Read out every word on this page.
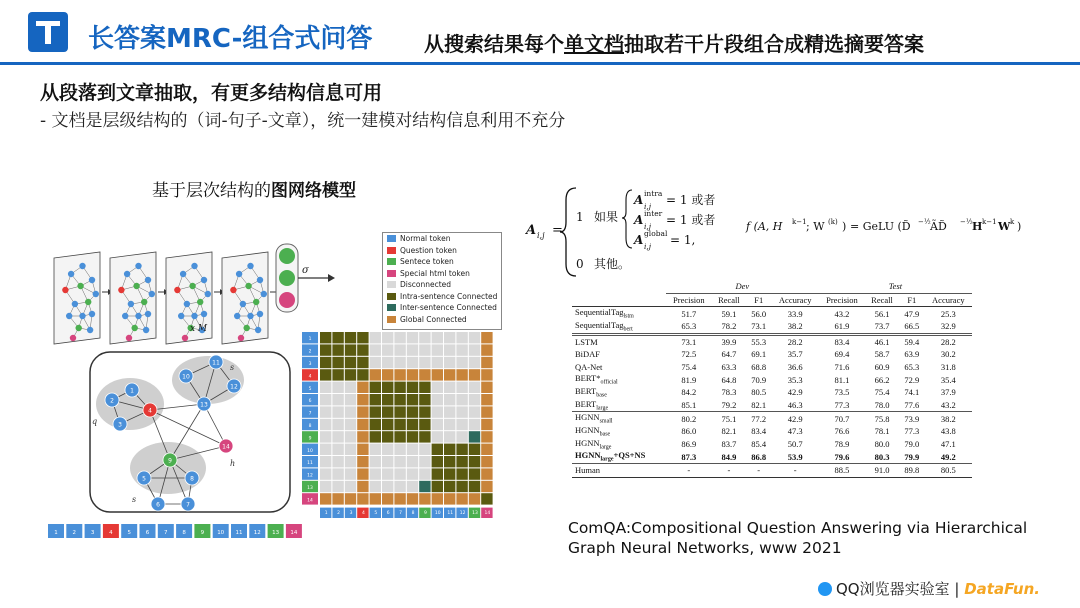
长答案MRC-组合式问答	从搜索结果每个单文档抽取若干片段组合成精选摘要答案
从段落到文章抽取，有更多结构信息可用
- 文档是层级结构的（词-句子-文章），统一建模对结构信息利用不充分
基于层次结构的图网络模型
σ
x M
1
2
3
4
10
11
12
13
9
5
6	7
8
14
q
s
s
h
1	2	3	4	5	6	7	8	9 10 11 12 13 14
1
2
3
4
5
6
7
8
9
10
11
12
13
14
1 2 3 4 5 6 7 8 9 10 11 12 13 14
Normal token
Question token
Sentece token
Special html token
Disconnected
Intra-sentence Connected
Inter-sentence Connected
Global Connected
A i,j =
1 如果
A intra
i,j = 1 或者
A inter
i,j = 1 或者
A global
i,j = 1,
0 其他。
f (A, H k−1 ; W (k) ) = GeLU (D̃ −½ ÃD̃ −½ H k−1 W k )
	Dev				Test			
	Precision	Recall	F1	Accuracy	Precision	Recall	F1	Accuracy
SequentialTag$_{lstm}$	51.7	59.1	56.0	33.9	43.2	56.1	47.9	25.3
SequentialTag$_{bert}$	65.3	78.2	73.1	38.2	61.9	73.7	66.5	32.9
LSTM	73.1	39.9	55.3	28.2	83.4	46.1	59.4	28.2
BiDAF	72.5	64.7	69.1	35.7	69.4	58.7	63.9	30.2
QA-Net	75.4	63.3	68.8	36.6	71.6	60.9	65.3	31.8
$BERT*_{official}$	81.9	64.8	70.9	35.3	81.1	66.2	72.9	35.4
$BERT_{base}$	84.2	78.3	80.5	42.9	73.5	75.4	74.1	37.9
$BERT_{large}$	85.1	79.2	82.1	46.3	77.3	78.0	77.6	43.2
$HGNN_{small}$	80.2	75.1	77.2	42.9	70.7	75.8	73.9	38.2
$HGNN_{base}$	86.0	82.1	83.4	47.3	76.6	78.1	77.3	43.8
$HGNN_{large}$	86.9	83.7	85.4	50.7	78.9	80.0	79.0	47.1
$HGNN_{large}+QS+NS$	87.3	84.9	86.8	53.9	79.6	80.3	79.9	49.2
Human	-	-	-	-	88.5	91.0	89.8	80.5
ComQA:Compositional Question Answering via Hierarchical
Graph Neural Networks, www 2021
QQ浏览器实验室 | DataFun.
